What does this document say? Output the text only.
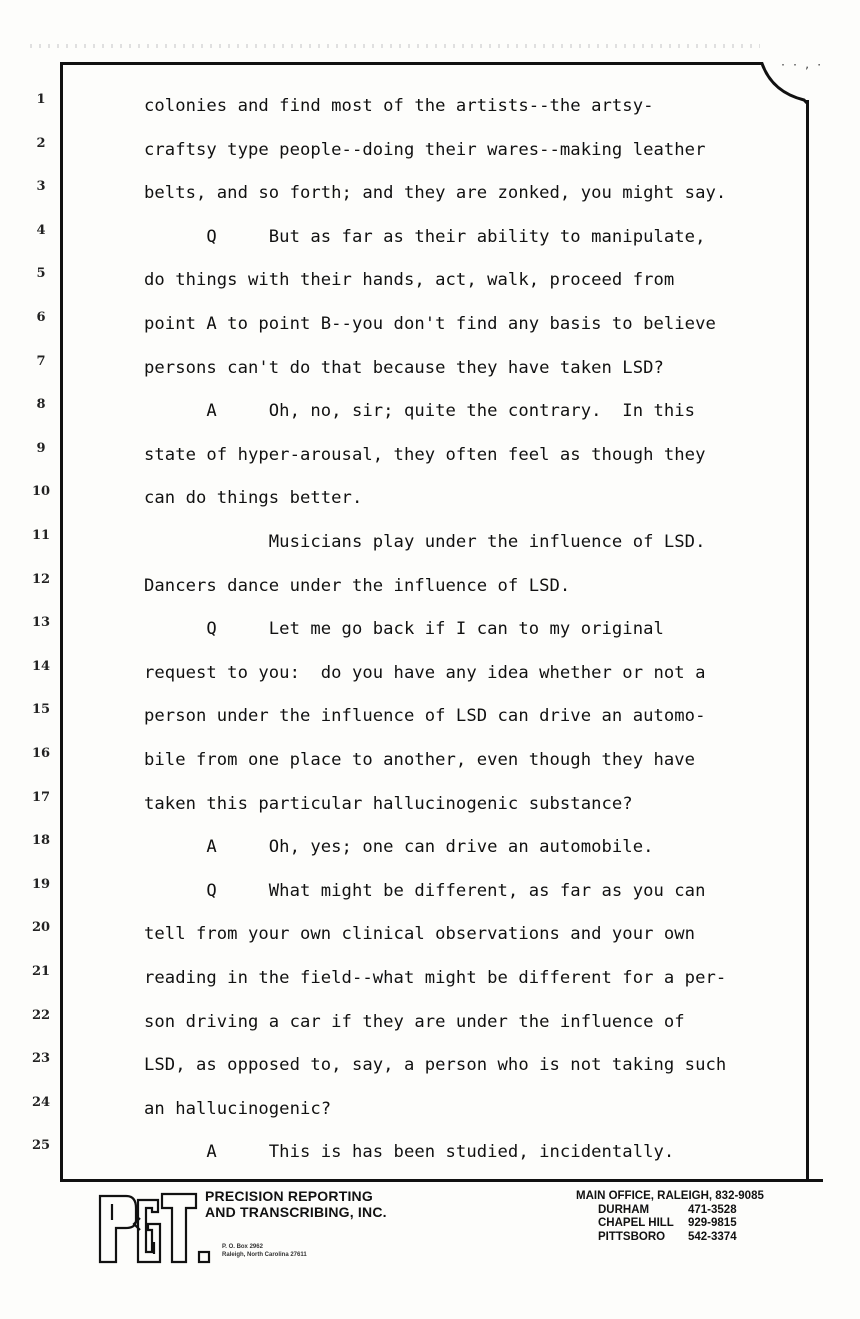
· · , ·
1	colonies and find most of the artists--the artsy-
2	craftsy type people--doing their wares--making leather
3	belts, and so forth; and they are zonked, you might say.
4	Q     But as far as their ability to manipulate,
5	do things with their hands, act, walk, proceed from
6	point A to point B--you don't find any basis to believe
7	persons can't do that because they have taken LSD?
8	A     Oh, no, sir; quite the contrary.  In this
9	state of hyper-arousal, they often feel as though they
10	can do things better.
11	Musicians play under the influence of LSD.
12	Dancers dance under the influence of LSD.
13	Q     Let me go back if I can to my original
14	request to you:  do you have any idea whether or not a
15	person under the influence of LSD can drive an automo-
16	bile from one place to another, even though they have
17	taken this particular hallucinogenic substance?
18	A     Oh, yes; one can drive an automobile.
19	Q     What might be different, as far as you can
20	tell from your own clinical observations and your own
21	reading in the field--what might be different for a per-
22	son driving a car if they are under the influence of
23	LSD, as opposed to, say, a person who is not taking such
24	an hallucinogenic?
25	A     This is has been studied, incidentally.
PRECISION REPORTING
AND TRANSCRIBING, INC.
P. O. Box 2962
Raleigh, North Carolina 27611
MAIN OFFICE, RALEIGH, 832-9085
DURHAM	471-3528
CHAPEL HILL	929-9815
PITTSBORO	542-3374
